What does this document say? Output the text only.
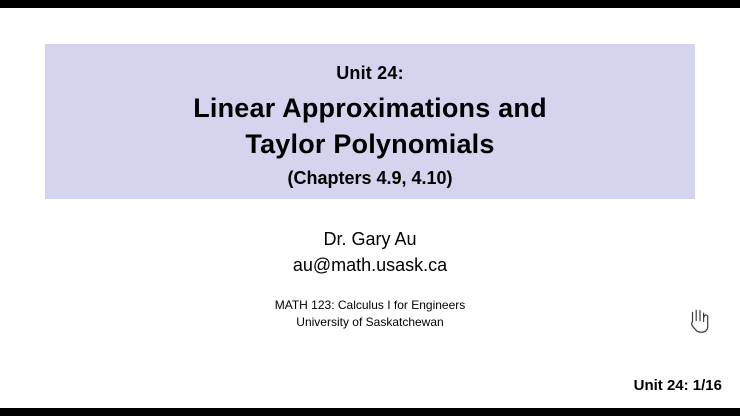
Unit 24:
Linear Approximations and
Taylor Polynomials
(Chapters 4.9, 4.10)
Dr. Gary Au
au@math.usask.ca
MATH 123: Calculus I for Engineers
University of Saskatchewan
Unit 24: 1/16
